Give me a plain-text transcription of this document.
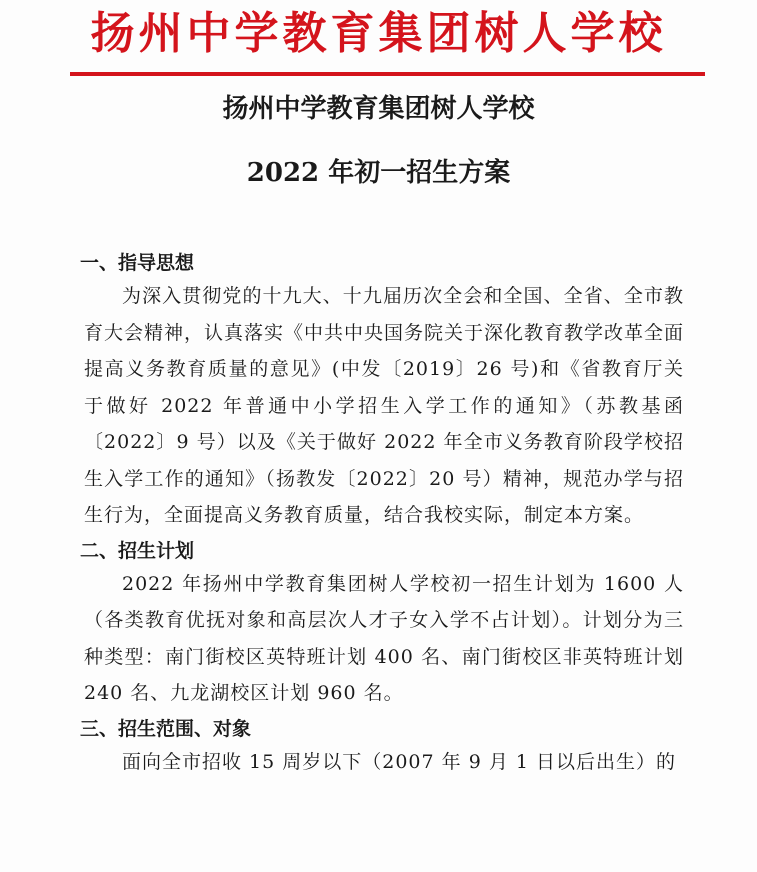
扬州中学教育集团树人学校
扬州中学教育集团树人学校
2022 年初一招生方案
一、指导思想

为深入贯彻党的十九大、十九届历次全会和全国、全省、全市教育大会精神，认真落实《中共中央国务院关于深化教育教学改革全面提高义务教育质量的意见》(中发〔2019〕26 号)和《省教育厅关于做好 2022 年普通中小学招生入学工作的通知》（苏教基函〔2022〕9 号）以及《关于做好 2022 年全市义务教育阶段学校招生入学工作的通知》（扬教发〔2022〕20 号）精神，规范办学与招生行为，全面提高义务教育质量，结合我校实际，制定本方案。

二、招生计划

2022 年扬州中学教育集团树人学校初一招生计划为 1600 人（各类教育优抚对象和高层次人才子女入学不占计划）。计划分为三种类型：南门街校区英特班计划 400 名、南门街校区非英特班计划 240 名、九龙湖校区计划 960 名。

三、招生范围、对象

面向全市招收 15 周岁以下（2007 年 9 月 1 日以后出生）的
